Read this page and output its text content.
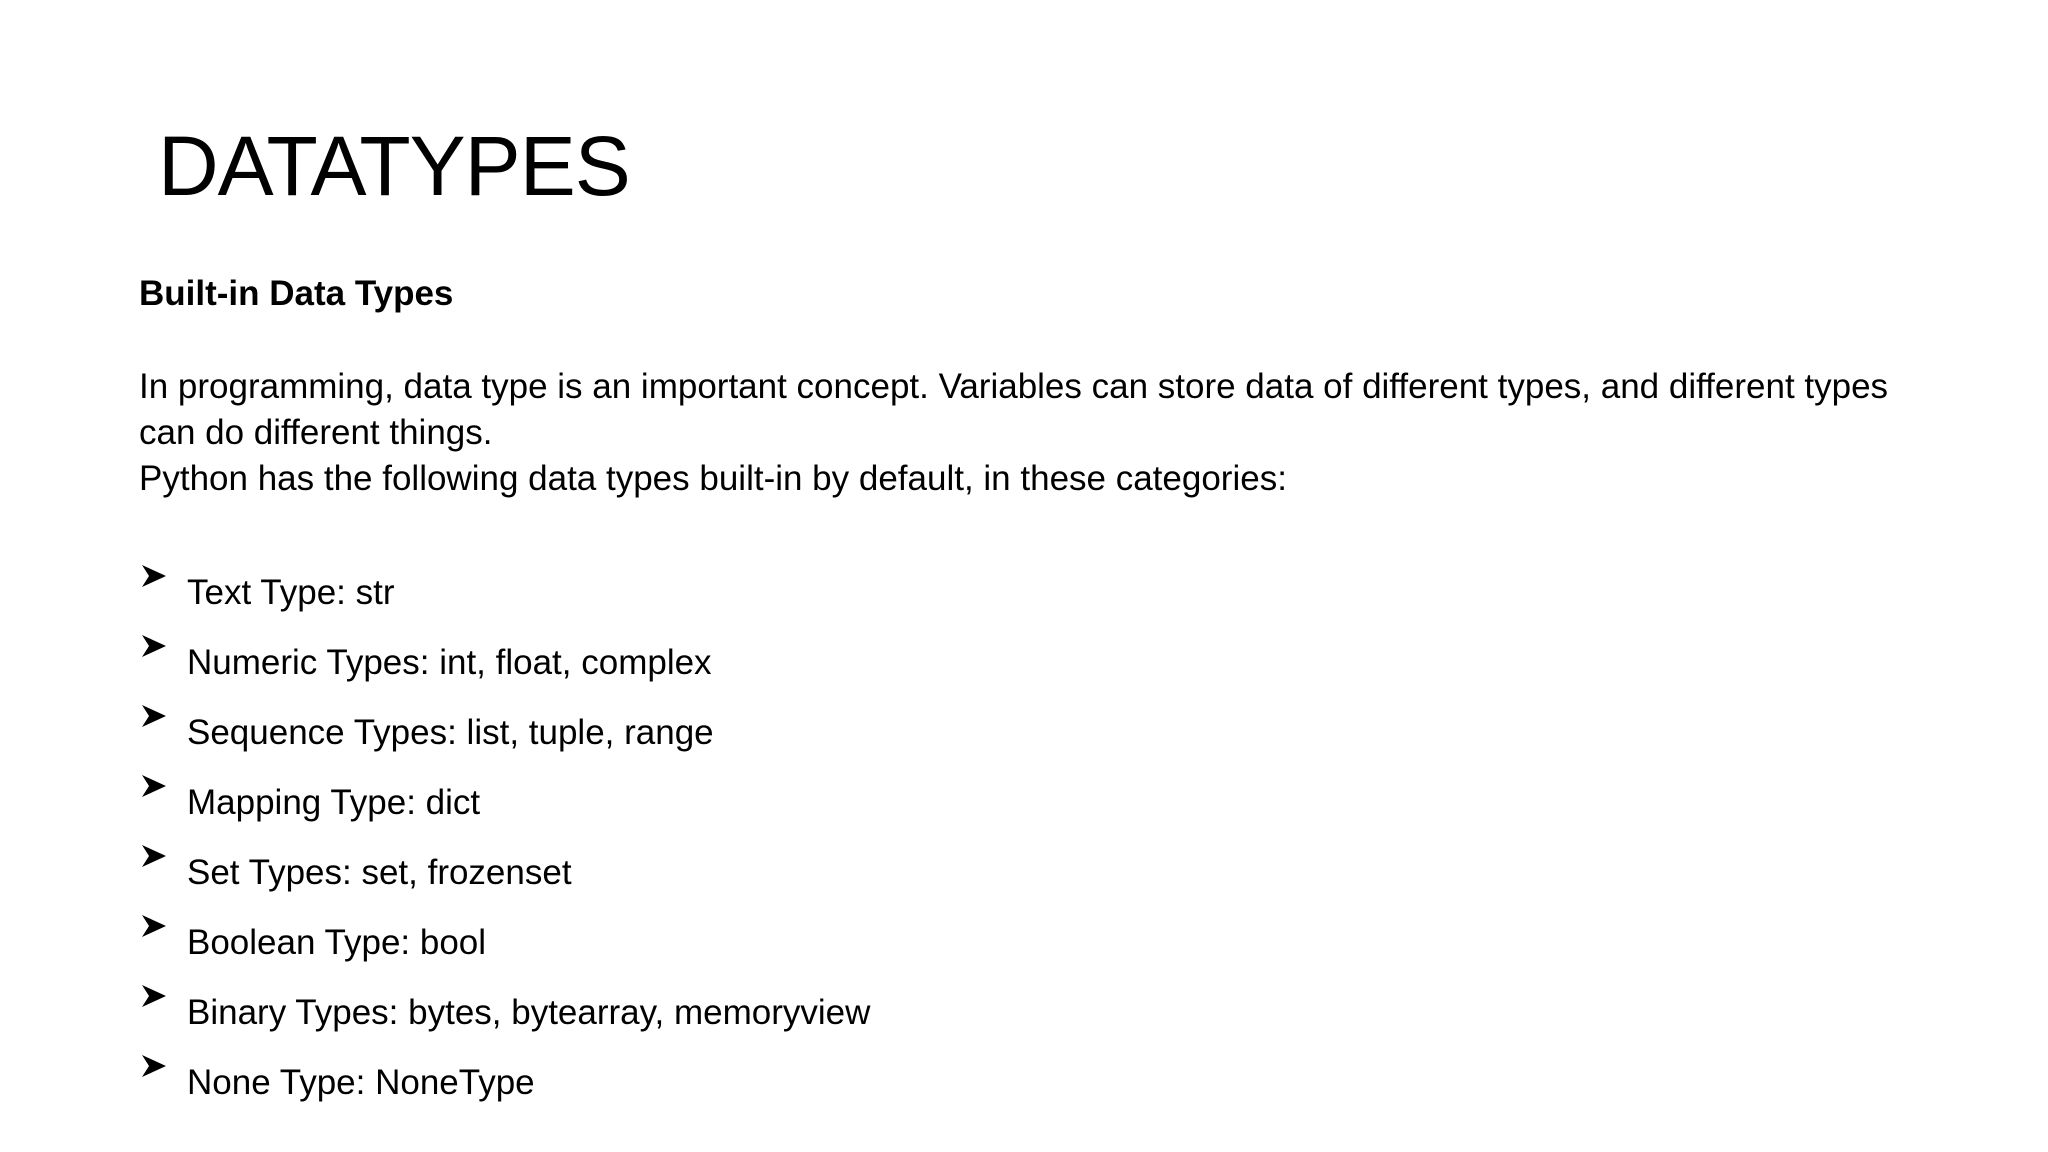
DATATYPES
Built-in Data Types

In programming, data type is an important concept. Variables can store data of different types, and different types can do different things.

Python has the following data types built-in by default, in these categories:

Text Type: str
Numeric Types: int, float, complex
Sequence Types: list, tuple, range
Mapping Type: dict
Set Types: set, frozenset
Boolean Type: bool
Binary Types: bytes, bytearray, memoryview
None Type: NoneType
